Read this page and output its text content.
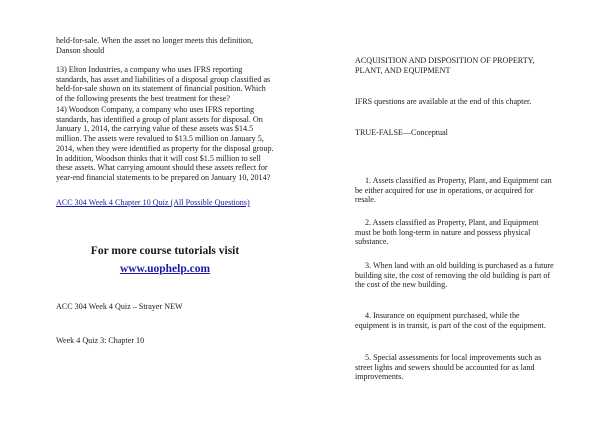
held-for-sale. When the asset no longer meets this definition, Danson should

13) Elton Industries, a company who uses IFRS reporting standards, has asset and liabilities of a disposal group classified as held-for-sale shown on its statement of financial position. Which of the following presents the best treatment for these?

14) Woodson Company, a company who uses IFRS reporting standards, has identified a group of plant assets for disposal. On January 1, 2014, the carrying value of these assets was $14.5 million. The assets were revalued to $13.5 million on January 5, 2014, when they were identified as property for the disposal group. In addition, Woodson thinks that it will cost $1.5 million to sell these assets. What carrying amount should these assets reflect for year-end financial statements to be prepared on January 10, 2014?

ACC 304 Week 4 Chapter 10 Quiz (All Possible Questions)

For more course tutorials visit

www.uophelp.com

ACC 304 Week 4 Quiz – Strayer NEW

Week 4 Quiz 3: Chapter 10

ACQUISITION AND DISPOSITION OF PROPERTY, PLANT, AND EQUIPMENT

IFRS questions are available at the end of this chapter.

TRUE-FALSE—Conceptual

1. Assets classified as Property, Plant, and Equipment can be either acquired for use in operations, or acquired for resale.

2. Assets classified as Property, Plant, and Equipment must be both long-term in nature and possess physical substance.

3. When land with an old building is purchased as a future building site, the cost of removing the old building is part of the cost of the new building.

4. Insurance on equipment purchased, while the equipment is in transit, is part of the cost of the equipment.

5. Special assessments for local improvements such as street lights and sewers should be accounted for as land improvements.
